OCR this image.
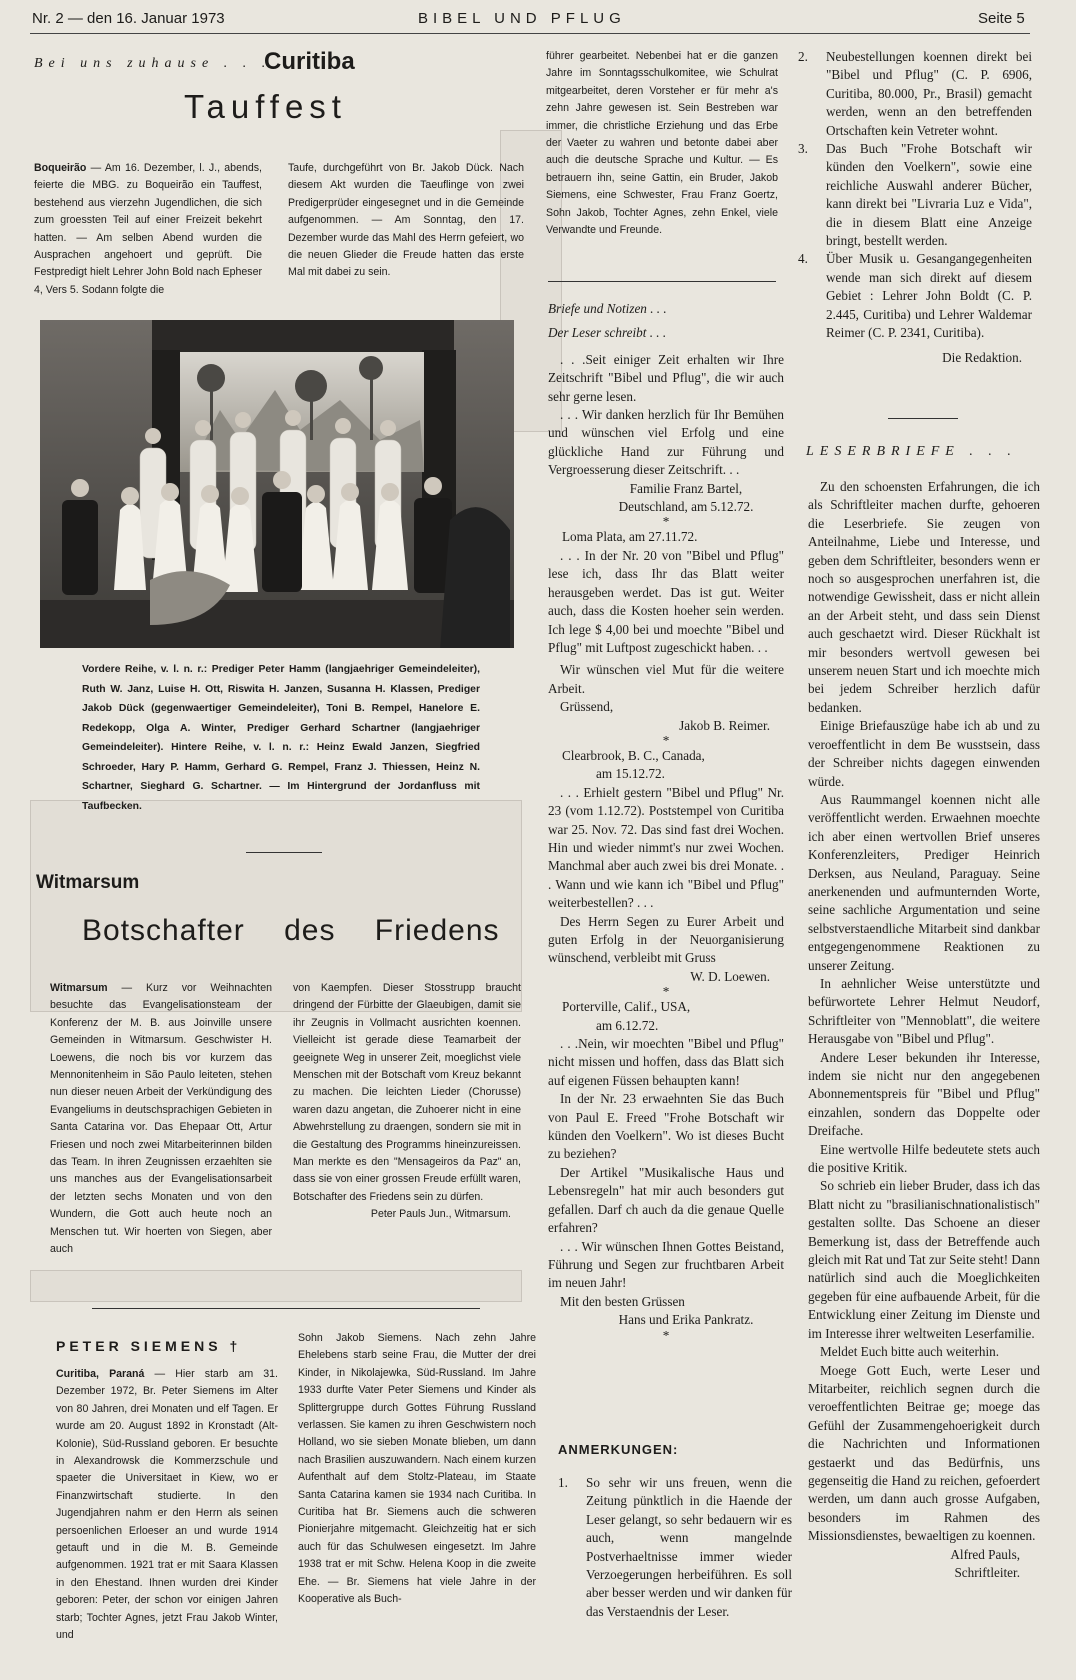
Nr. 2 — den 16. Januar 1973	BIBEL UND PFLUG	Seite 5
Bei uns zuhause . . .
Curitiba
Tauffest

Boqueirão — Am 16. Dezember, l. J., abends, feierte die MBG. zu Boqueirão ein Tauffest, bestehend aus vierzehn Jugendlichen, die sich zum groessten Teil auf einer Freizeit bekehrt hatten. — Am selben Abend wurden die Ausprachen angehoert und geprüft. Die Festpredigt hielt Lehrer John Bold nach Epheser 4, Vers 5. Sodann folgte die

Taufe, durchgeführt von Br. Jakob Dück. Nach diesem Akt wurden die Taeuflinge von zwei Predigerprüder eingesegnet und in die Gemeinde aufgenommen. — Am Sonntag, den 17. Dezember wurde das Mahl des Herrn gefeiert, wo die neuen Glieder die Freude hatten das erste Mal mit dabei zu sein.

führer gearbeitet. Nebenbei hat er die ganzen Jahre im Sonntagsschulkomitee, wie Schulrat mitgearbeitet, deren Vorsteher er für mehr a's zehn Jahre gewesen ist. Sein Bestreben war immer, die christliche Erziehung und das Erbe der Vaeter zu wahren und betonte dabei aber auch die deutsche Sprache und Kultur. — Es betrauern ihn, seine Gattin, ein Bruder, Jakob Siemens, eine Schwester, Frau Franz Goertz, Sohn Jakob, Tochter Agnes, zehn Enkel, viele Verwandte und Freunde.

Vordere Reihe, v. l. n. r.: Prediger Peter Hamm (langjaehriger Gemeindeleiter), Ruth W. Janz, Luise H. Ott, Riswita H. Janzen, Susanna H. Klassen, Prediger Jakob Dück (gegenwaertiger Gemeindeleiter), Toni B. Rempel, Hanelore E. Redekopp, Olga A. Winter, Prediger Gerhard Schartner (langjaehriger Gemeindeleiter). Hintere Reihe, v. l. n. r.: Heinz Ewald Janzen, Siegfried Schroeder, Hary P. Hamm, Gerhard G. Rempel, Franz J. Thiessen, Heinz N. Schartner, Sieghard G. Schartner. — Im Hintergrund der Jordanfluss mit Taufbecken.

Witmarsum
Botschafter des Friedens

Witmarsum — Kurz vor Weihnachten besuchte das Evangelisationsteam der Konferenz der M. B. aus Joinville unsere Gemeinden in Witmarsum. Geschwister H. Loewens, die noch bis vor kurzem das Mennonitenheim in São Paulo leiteten, stehen nun dieser neuen Arbeit der Verkündigung des Evangeliums in deutschsprachigen Gebieten in Santa Catarina vor. Das Ehepaar Ott, Artur Friesen und noch zwei Mitarbeiterinnen bilden das Team. In ihren Zeugnissen erzaehlten sie uns manches aus der Evangelisationsarbeit der letzten sechs Monaten und von den Wundern, die Gott auch heute noch an Menschen tut. Wir hoerten von Siegen, aber auch

von Kaempfen. Dieser Stosstrupp braucht dringend der Fürbitte der Glaeubigen, damit sie ihr Zeugnis in Vollmacht ausrichten koennen. Vielleicht ist gerade diese Teamarbeit der geeignete Weg in unserer Zeit, moeglichst viele Menschen mit der Botschaft vom Kreuz bekannt zu machen. Die leichten Lieder (Chorusse) waren dazu angetan, die Zuhoerer nicht in eine Abwehrstellung zu draengen, sondern sie mit in die Gestaltung des Programms hineinzureissen. Man merkte es den "Mensageiros da Paz" an, dass sie von einer grossen Freude erfüllt waren, Botschafter des Friedens sein zu dürfen.

Peter Pauls Jun., Witmarsum.

PETER SIEMENS †

Curitiba, Paraná — Hier starb am 31. Dezember 1972, Br. Peter Siemens im Alter von 80 Jahren, drei Monaten und elf Tagen. Er wurde am 20. August 1892 in Kronstadt (Alt-Kolonie), Süd-Russland geboren. Er besuchte in Alexandrowsk die Kommerzschule und spaeter die Universitaet in Kiew, wo er Finanzwirtschaft studierte. In den Jugendjahren nahm er den Herrn als seinen persoenlichen Erloeser an und wurde 1914 getauft und in die M. B. Gemeinde aufgenommen. 1921 trat er mit Saara Klassen in den Ehestand. Ihnen wurden drei Kinder geboren: Peter, der schon vor einigen Jahren starb; Tochter Agnes, jetzt Frau Jakob Winter, und

Sohn Jakob Siemens. Nach zehn Jahre Ehelebens starb seine Frau, die Mutter der drei Kinder, in Nikolajewka, Süd-Russland. Im Jahre 1933 durfte Vater Peter Siemens und Kinder als Splittergruppe durch Gottes Führung Russland verlassen. Sie kamen zu ihren Geschwistern noch Holland, wo sie sieben Monate blieben, um dann nach Brasilien auszuwandern. Nach einem kurzen Aufenthalt auf dem Stoltz-Plateau, im Staate Santa Catarina kamen sie 1934 nach Curitiba. In Curitiba hat Br. Siemens auch die schweren Pionierjahre mitgemacht. Gleichzeitig hat er sich auch für das Schulwesen eingesetzt. Im Jahre 1938 trat er mit Schw. Helena Koop in die zweite Ehe. — Br. Siemens hat viele Jahre in der Kooperative als Buch-

Briefe und Notizen . . .

Der Leser schreibt . . .

. . .Seit einiger Zeit erhalten wir Ihre Zeitschrift "Bibel und Pflug", die wir auch sehr gerne lesen.

. . . Wir danken herzlich für Ihr Bemühen und wünschen viel Erfolg und eine glückliche Hand zur Führung und Vergroesserung dieser Zeitschrift. . .

Familie Franz Bartel,

Deutschland, am 5.12.72.

*

Loma Plata, am 27.11.72.

. . . In der Nr. 20 von "Bibel und Pflug" lese ich, dass Ihr das Blatt weiter herausgeben werdet. Das ist gut. Weiter auch, dass die Kosten hoeher sein werden. Ich lege $ 4,00 bei und moechte "Bibel und Pflug" mit Luftpost zugeschickt haben. . .

Wir wünschen viel Mut für die weitere Arbeit.

Grüssend,

Jakob B. Reimer.

*

Clearbrook, B. C., Canada,

am 15.12.72.

. . . Erhielt gestern "Bibel und Pflug" Nr. 23 (vom 1.12.72). Poststempel von Curitiba war 25. Nov. 72. Das sind fast drei Wochen. Hin und wieder nimmt's nur zwei Wochen. Manchmal aber auch zwei bis drei Monate. . . Wann und wie kann ich "Bibel und Pflug" weiterbestellen? . . .

Des Herrn Segen zu Eurer Arbeit und guten Erfolg in der Neuorganisierung wünschend, verbleibt mit Gruss

W. D. Loewen.

*

Porterville, Calif., USA,

am 6.12.72.

. . .Nein, wir moechten "Bibel und Pflug" nicht missen und hoffen, dass das Blatt sich auf eigenen Füssen behaupten kann!

In der Nr. 23 erwaehnten Sie das Buch von Paul E. Freed "Frohe Botschaft wir künden den Voelkern". Wo ist dieses Bucht zu beziehen?

Der Artikel "Musikalische Haus und Lebensregeln" hat mir auch besonders gut gefallen. Darf ch auch da die genaue Quelle erfahren?

. . . Wir wünschen Ihnen Gottes Beistand, Führung und Segen zur fruchtbaren Arbeit im neuen Jahr!

Mit den besten Grüssen

Hans und Erika Pankratz.

*

ANMERKUNGEN:
1. So sehr wir uns freuen, wenn die Zeitung pünktlich in die Haende der Leser gelangt, so sehr bedauern wir es auch, wenn mangelnde Postverhaeltnisse immer wieder Verzoegerungen herbeiführen. Es soll aber besser werden und wir danken für das Verstaendnis der Leser.
2. Neubestellungen koennen direkt bei "Bibel und Pflug" (C. P. 6906, Curitiba, 80.000, Pr., Brasil) gemacht werden, wenn an den betreffenden Ortschaften kein Vetreter wohnt.
3. Das Buch "Frohe Botschaft wir künden den Voelkern", sowie eine reichliche Auswahl anderer Bücher, kann direkt bei "Livraria Luz e Vida", die in diesem Blatt eine Anzeige bringt, bestellt werden.
4. Über Musik u. Gesangangegenheiten wende man sich direkt auf diesem Gebiet : Lehrer John Boldt (C. P. 2.445, Curitiba) und Lehrer Waldemar Reimer (C. P. 2341, Curitiba).

Die Redaktion.

LESERBRIEFE . . .

Zu den schoensten Erfahrungen, die ich als Schriftleiter machen durfte, gehoeren die Leserbriefe. Sie zeugen von Anteilnahme, Liebe und Interesse, und geben dem Schriftleiter, besonders wenn er noch so ausgesprochen unerfahren ist, die notwendige Gewissheit, dass er nicht allein an der Arbeit steht, und dass sein Dienst auch geschaetzt wird. Dieser Rückhalt ist mir besonders wertvoll gewesen bei unserem neuen Start und ich moechte mich bei jedem Schreiber herzlich dafür bedanken.

Einige Briefauszüge habe ich ab und zu veroeffentlicht in dem Be wusstsein, dass der Schreiber nichts dagegen einwenden würde.

Aus Raummangel koennen nicht alle veröffentlicht werden. Erwaehnen moechte ich aber einen wertvollen Brief unseres Konferenzleiters, Prediger Heinrich Derksen, aus Neuland, Paraguay. Seine anerkenenden und aufmunternden Worte, seine sachliche Argumentation und seine selbstverstaendliche Mitarbeit sind dankbar entgegengenommene Reaktionen zu unserer Zeitung.

In aehnlicher Weise unterstützte und befürwortete Lehrer Helmut Neudorf, Schriftleiter von "Mennoblatt", die weitere Herausgabe von "Bibel und Pflug".

Andere Leser bekunden ihr Interesse, indem sie nicht nur den angegebenen Abonnementspreis für "Bibel und Pflug" einzahlen, sondern das Doppelte oder Dreifache.

Eine wertvolle Hilfe bedeutete stets auch die positive Kritik.

So schrieb ein lieber Bruder, dass ich das Blatt nicht zu "brasilianischnationalistisch" gestalten sollte. Das Schoene an dieser Bemerkung ist, dass der Betreffende auch gleich mit Rat und Tat zur Seite steht! Dann natürlich sind auch die Moeglichkeiten gegeben für eine aufbauende Arbeit, für die Entwicklung einer Zeitung im Dienste und im Interesse ihrer weltweiten Leserfamilie.

Meldet Euch bitte auch weiterhin.

Moege Gott Euch, werte Leser und Mitarbeiter, reichlich segnen durch die veroeffentlichten Beitrae ge; moege das Gefühl der Zusammengehoerigkeit durch die Nachrichten und Informationen gestaerkt und das Bedürfnis, uns gegenseitig die Hand zu reichen, gefoerdert werden, um dann auch grosse Aufgaben, besonders im Rahmen des Missionsdienstes, bewaeltigen zu koennen.

Alfred Pauls,

Schriftleiter.
